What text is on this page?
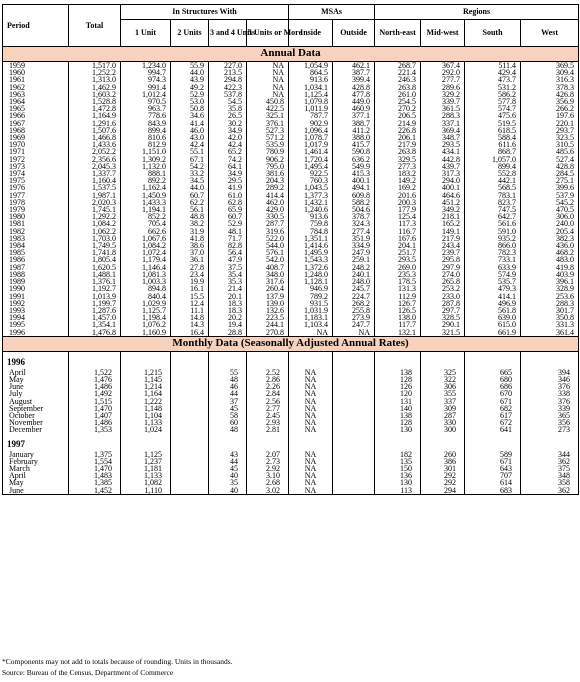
Period	Total	In Structures With				MSAs		Regions			
		1 Unit	2 Units	3 and 4 Units	5 Units or More	Inside	Outside	North-east	Mid-west	South	West
Annual Data											
1959	1,517.0	1,234.0	55.9	227.0	NA	1,054.9	462.1	268.7	367.4	511.4	369.5
1960	1,252.2	994.7	44.0	213.5	NA	864.5	387.7	221.4	292.0	429.4	309.4
1961	1,313.0	974.3	43.9	294.8	NA	913.6	399.4	246.3	277.7	473.7	316.3
1962	1,462.9	991.4	49.2	422.3	NA	1,034.1	428.8	263.8	289.6	531.2	378.3
1963	1,603.2	1,012.4	52.9	537.8	NA	1,125.4	477.8	261.0	329.2	586.2	426.8
1964	1,528.8	970.5	53.0	54.5	450.8	1,079.8	449.0	254.5	339.7	577.8	356.9
1965	1,472.8	963.7	50.8	35.8	422.5	1,011.9	460.9	270.2	361.5	574.7	266.2
1966	1,164.9	778.6	34.6	26.5	325.1	787.7	377.1	206.5	288.3	475.6	197.6
1967	1,291.6	843.9	41.4	30.2	376.1	902.9	388.7	214.9	337.1	519.5	220.1
1968	1,507.6	899.4	46.0	34.9	527.3	1,096.4	411.2	226.8	369.4	618.5	293.7
1969	1,466.8	810.6	43.0	42.0	571.2	1,078.7	388.0	206.1	348.7	588.4	323.5
1970	1,433.6	812.9	42.4	42.4	535.9	1,017.9	415.7	217.9	293.5	611.6	310.5
1971	2,052.2	1,151.0	55.1	65.2	780.9	1,461.4	590.8	263.8	434.1	868.7	485.6
1972	2,356.6	1,309.2	67.1	74.2	906.2	1,720.4	636.2	329.5	442.8	1,057.0	527.4
1973	2,045.3	1,132.0	54.2	64.1	795.0	1,495.4	549.9	277.3	439.7	899.4	428.8
1974	1,337.7	888.1	33.2	34.9	381.6	922.5	415.3	183.2	317.3	552.8	284.5
1975	1,160.4	892.2	34.5	29.5	204.3	760.3	400.1	149.2	294.0	442.1	275.1
1976	1,537.5	1,162.4	44.0	41.9	289.2	1,043.5	494.1	169.2	400.1	568.5	399.6
1977	1,987.1	1,450.9	60.7	61.0	414.4	1,377.3	609.8	201.6	464.6	783.1	537.9
1978	2,020.3	1,433.3	62.2	62.8	462.0	1,432.1	588.2	200.3	451.2	823.7	545.2
1979	1,745.1	1,194.1	56.1	65.9	429.0	1,240.6	504.6	177.9	349.2	747.5	470.5
1980	1,292.2	852.2	48.8	60.7	330.5	913.6	378.7	125.4	218.1	642.7	306.0
1981	1,084.2	705.4	38.2	52.9	287.7	759.8	324.3	117.3	165.2	561.6	240.0
1982	1,062.2	662.6	31.9	48.1	319.6	784.8	277.4	116.7	149.1	591.0	205.4
1983	1,703.0	1,067.6	41.8	71.7	522.0	1,351.1	351.9	167.6	217.9	935.2	382.3
1984	1,749.5	1,084.2	38.6	82.8	544.0	1,414.6	334.9	204.1	243.4	866.0	436.0
1985	1,741.8	1,072.4	37.0	56.4	576.1	1,495.9	247.9	251.7	239.7	782.3	468.2
1986	1,805.4	1,179.4	36.1	47.9	542.0	1,543.3	259.1	293.5	295.8	733.1	483.0
1987	1,620.5	1,146.4	27.8	37.5	408.7	1,372.6	248.2	269.0	297.9	633.9	419.8
1988	1,488.1	1,081.3	23.4	35.4	348.0	1,248.0	240.1	235.3	274.0	574.9	403.9
1989	1,376.1	1,003.3	19.9	35.3	317.6	1,128.1	248.0	178.5	265.8	535.7	396.1
1990	1,192.7	894.8	16.1	21.4	260.4	946.9	245.7	131.3	253.2	479.3	328.9
1991	1,013.9	840.4	15.5	20.1	137.9	789.2	224.7	112.9	233.0	414.1	253.6
1992	1,199.7	1,029.9	12.4	18.3	139.0	931.5	268.2	126.7	287.8	496.9	288.3
1993	1,287.6	1,125.7	11.1	18.3	132.6	1,031.9	255.8	126.5	297.7	561.8	301.7
1994	1,457.0	1,198.4	14.8	20.2	223.5	1,183.1	273.9	138.0	328.5	639.0	350.8
1995	1,354.1	1,076.2	14.3	19.4	244.1	1,103.4	247.7	117.7	290.1	615.0	331.3
1996	1,476.8	1,160.9	16.4	28.8	270.8	NA	NA	132.1	321.5	661.9	361.4
Monthly Data (Seasonally Adjusted Annual Rates)											

1996											
April	1,522	1,215		55	2.52	NA		138	325	665	394
May	1,476	1,145		48	2.86	NA		128	322	680	346
June	1,486	1,214		46	2.26	NA		126	306	686	376
July	1,492	1,164		44	2.84	NA		120	355	670	338
August	1,515	1,222		37	2.56	NA		131	337	671	376
September	1,470	1,148		45	2.77	NA		140	309	682	339
October	1,407	1,104		58	2.45	NA		138	287	617	365
November	1,486	1,133		60	2.93	NA		128	330	672	356
December	1,353	1,024		48	2.81	NA		130	300	641	273

1997											
January	1,375	1,125		43	2.07	NA		182	260	589	344
February	1,554	1,237		44	2.73	NA		135	386	671	362
March	1,470	1,181		45	2.92	NA		150	301	643	375
April	1,483	1,133		40	3.10	NA		136	292	707	348
May	1,385	1,082		35	2.68	NA		130	292	614	358
June	1,452	1,110		40	3.02	NA		113	294	683	362
*Components may not add to totals because of rounding. Units in thousands.
Source: Bureau of the Census, Department of Commerce
